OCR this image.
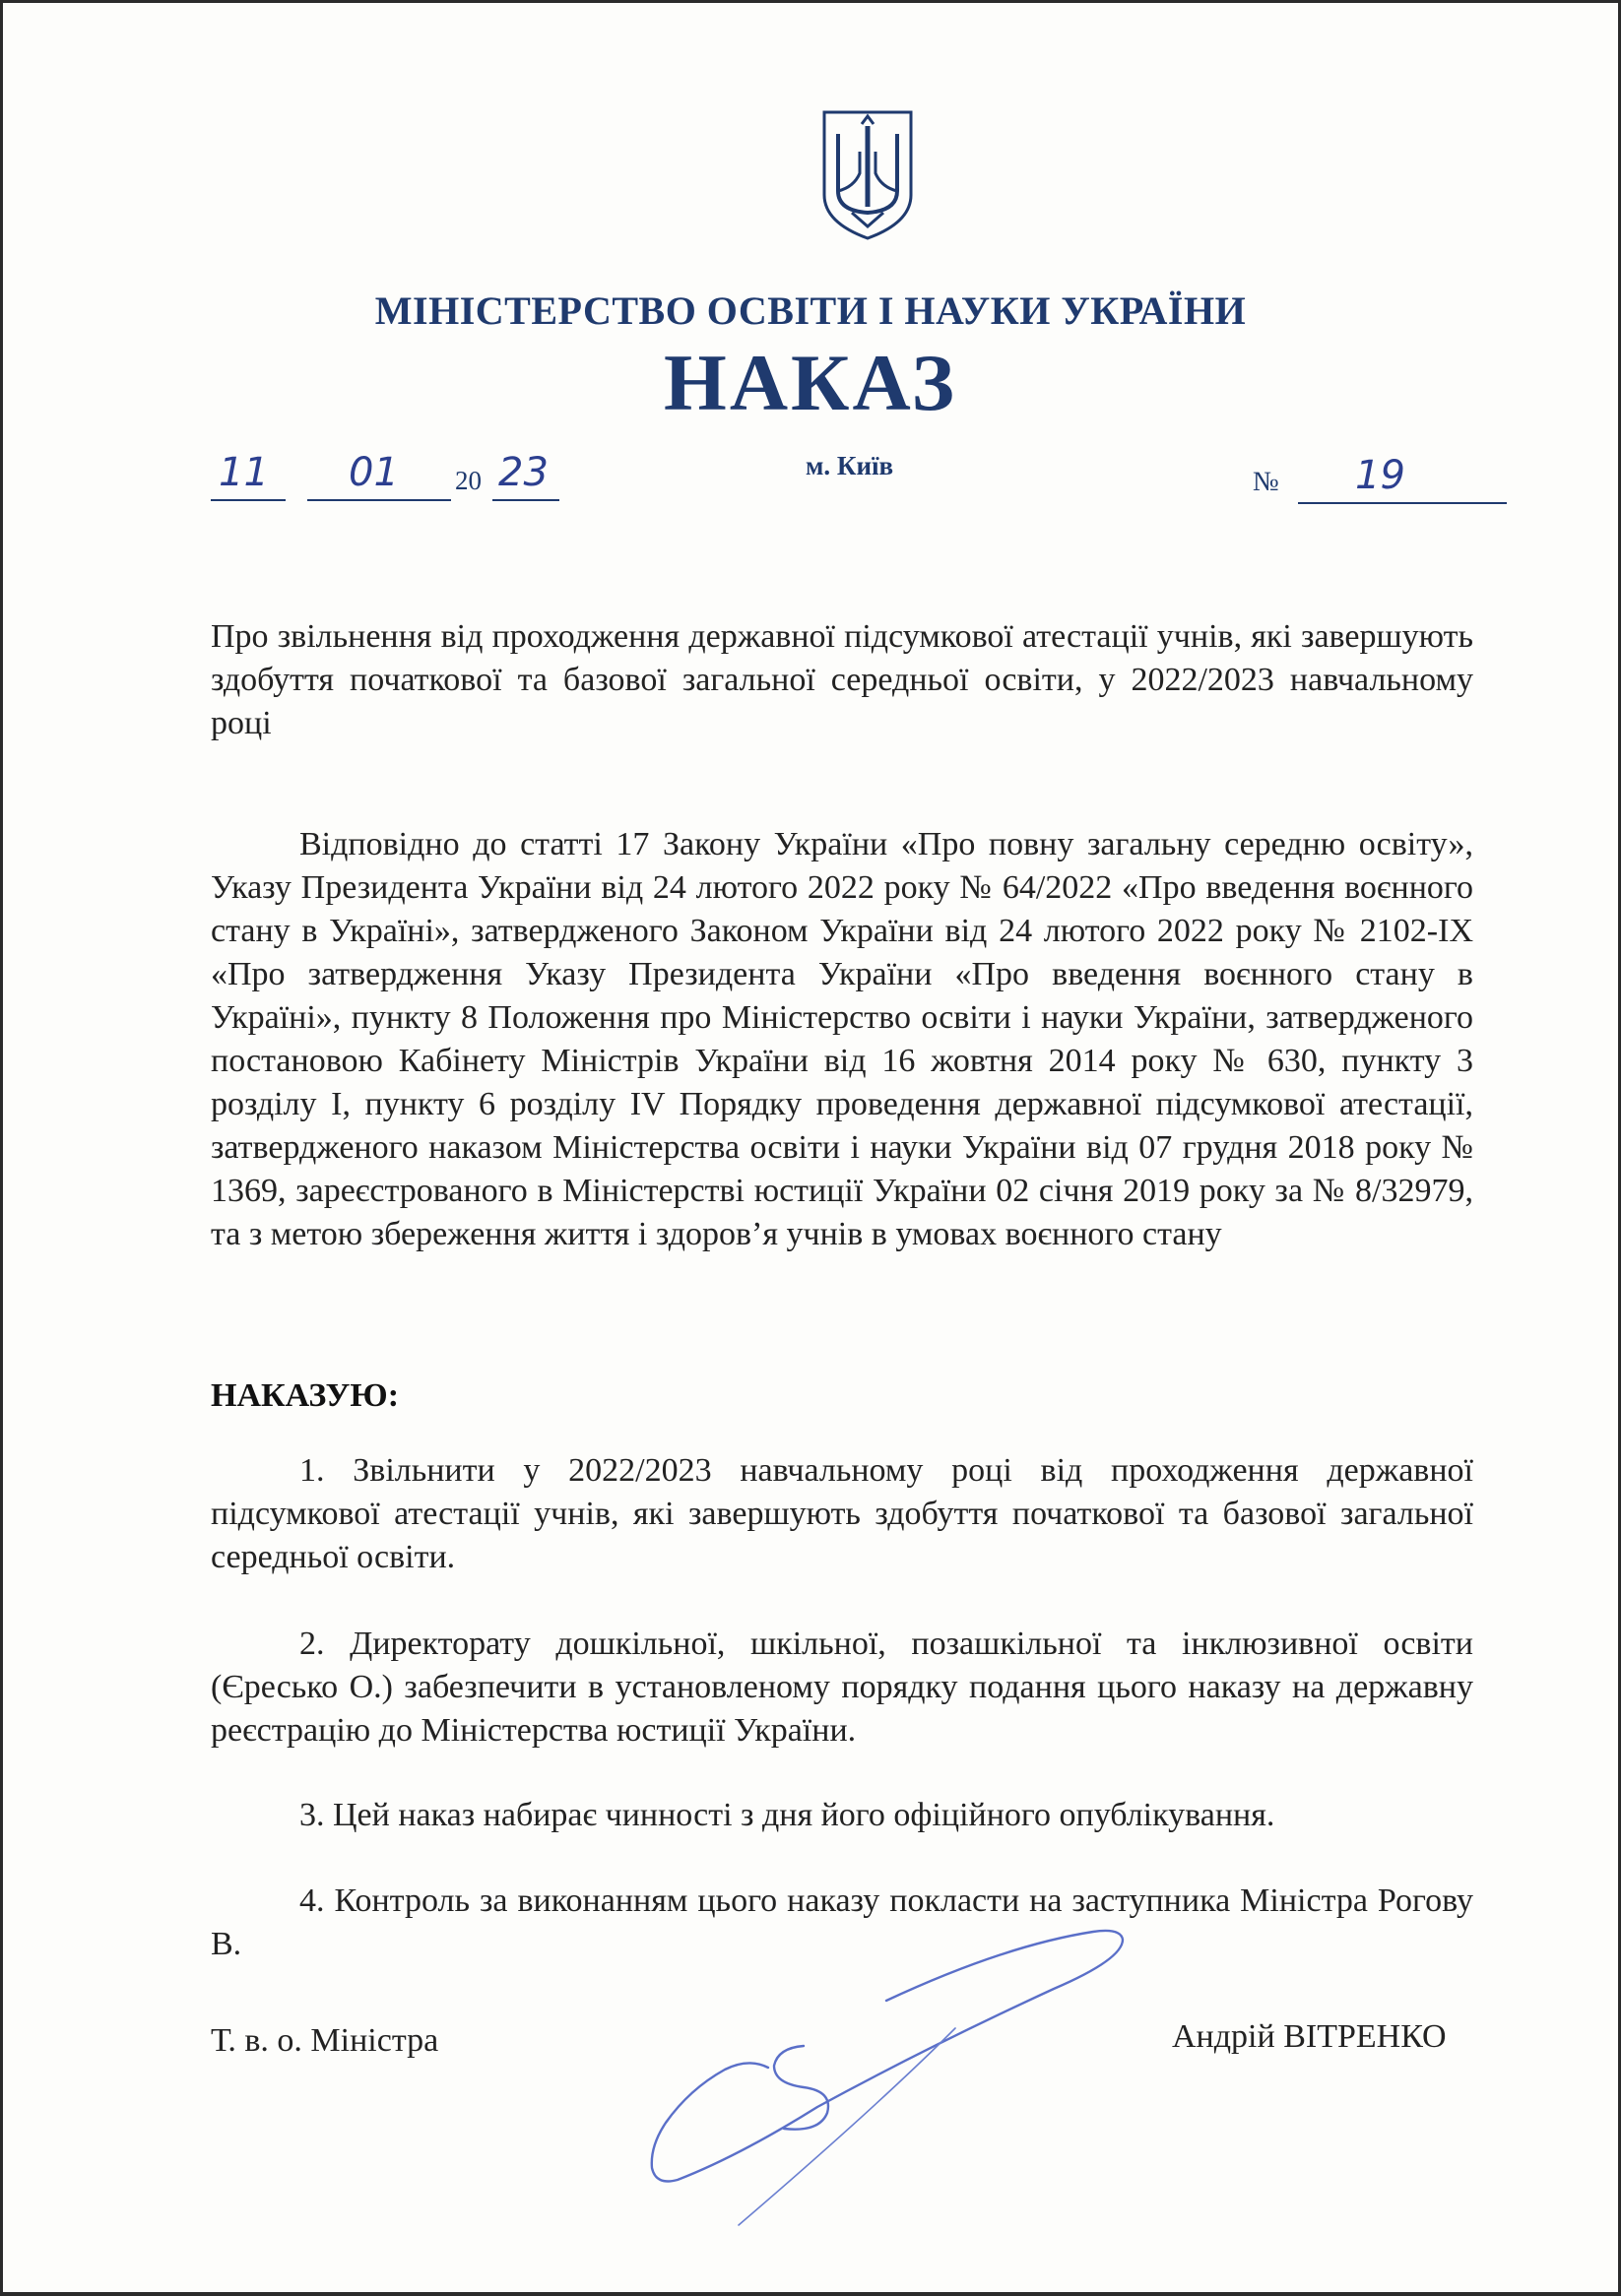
МІНІСТЕРСТВО ОСВІТИ І НАУКИ УКРАЇНИ
НАКАЗ
11 01 20 23	м. Київ
№ 19
Про звільнення від проходження державної підсумкової атестації учнів, які завершують здобуття початкової та базової загальної середньої освіти, у 2022/2023 навчальному році
Відповідно до статті 17 Закону України «Про повну загальну середню освіту», Указу Президента України від 24 лютого 2022 року № 64/2022 «Про введення воєнного стану в Україні», затвердженого Законом України від 24 лютого 2022 року № 2102-IX «Про затвердження Указу Президента України «Про введення воєнного стану в Україні», пункту 8 Положення про Міністерство освіти і науки України, затвердженого постановою Кабінету Міністрів України від 16 жовтня 2014 року № 630, пункту 3 розділу I, пункту 6 розділу IV Порядку проведення державної підсумкової атестації, затвердженого наказом Міністерства освіти і науки України від 07 грудня 2018 року № 1369, зареєстрованого в Міністерстві юстиції України 02 січня 2019 року за № 8/32979, та з метою збереження життя і здоров’я учнів в умовах воєнного стану
НАКАЗУЮ:
1. Звільнити у 2022/2023 навчальному році від проходження державної підсумкової атестації учнів, які завершують здобуття початкової та базової загальної середньої освіти.
2. Директорату дошкільної, шкільної, позашкільної та інклюзивної освіти (Єресько О.) забезпечити в установленому порядку подання цього наказу на державну реєстрацію до Міністерства юстиції України.
3. Цей наказ набирає чинності з дня його офіційного опублікування.
4. Контроль за виконанням цього наказу покласти на заступника Міністра Рогову В.
Т. в. о. Міністра	Андрій ВІТРЕНКО
